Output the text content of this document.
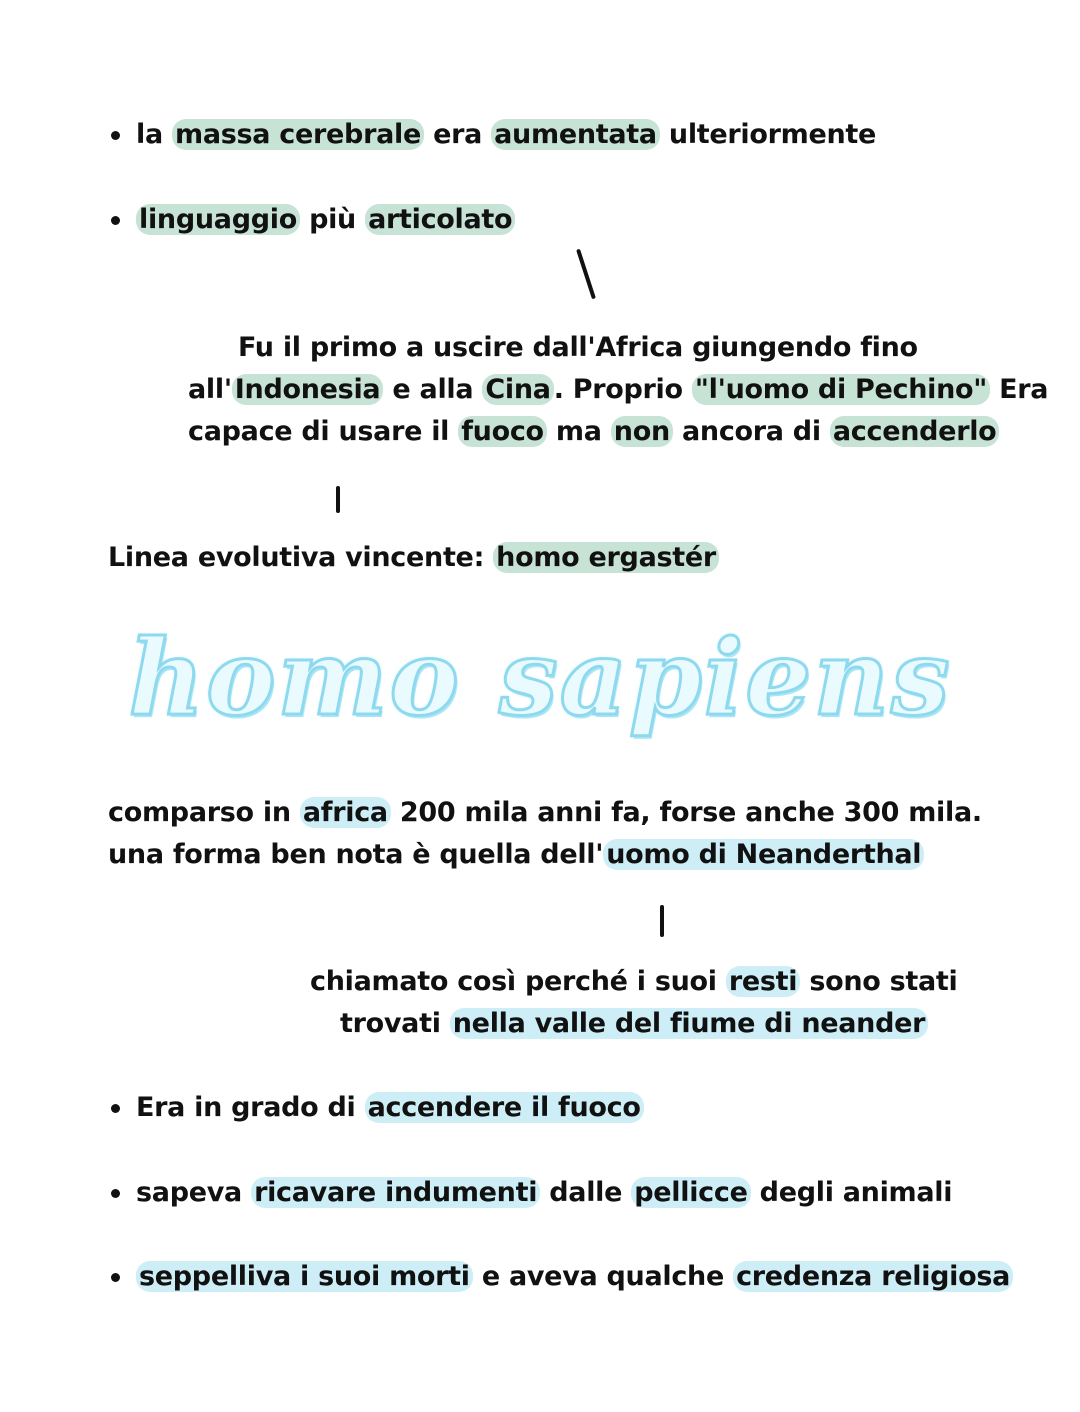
la massa cerebrale era aumentata ulteriormente
linguaggio più articolato
Fu il primo a uscire dall'Africa giungendo fino
all' Indonesia e alla Cina . Proprio "l'uomo di Pechino" Era
capace di usare il fuoco ma non ancora di accenderlo
Linea evolutiva vincente: homo ergastér
homo sapiens
comparso in africa 200 mila anni fa, forse anche 300 mila.
una forma ben nota è quella dell' uomo di Neanderthal
chiamato così perché i suoi resti sono stati
trovati nella valle del fiume di neander
Era in grado di accendere il fuoco
sapeva ricavare indumenti dalle pellicce degli animali
seppelliva i suoi morti e aveva qualche credenza religiosa
